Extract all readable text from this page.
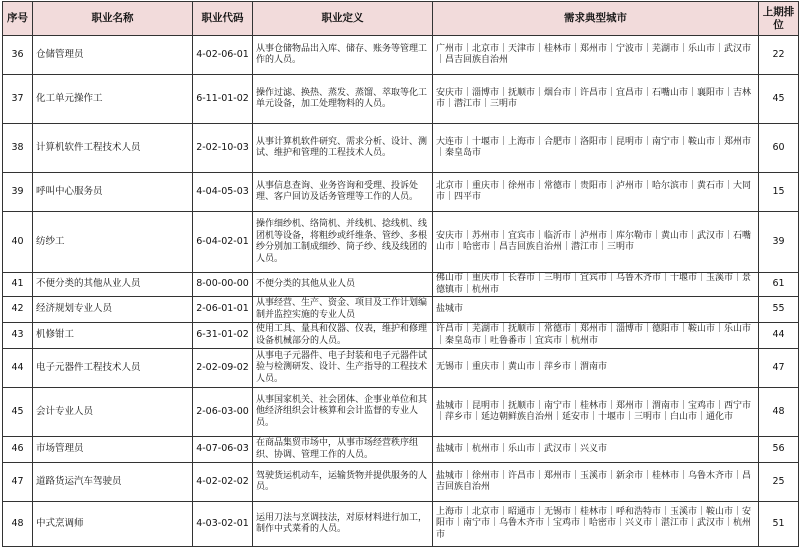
序号	职业名称	职业代码	职业定义	需求典型城市	上期排位
36	仓储管理员	4-02-06-01	从事仓储物品出入库、储存、账务等管理工作的人员。	广州市｜北京市｜天津市｜桂林市｜郑州市｜宁波市｜芜湖市｜乐山市｜武汉市｜昌吉回族自治州	22
37	化工单元操作工	6-11-01-02	操作过滤、换热、蒸发、蒸馏、萃取等化工单元设备，加工处理物料的人员。	安庆市｜淄博市｜抚顺市｜烟台市｜许昌市｜宜昌市｜石嘴山市｜襄阳市｜吉林市｜潜江市｜三明市	45
38	计算机软件工程技术人员	2-02-10-03	从事计算机软件研究、需求分析、设计、测试、维护和管理的工程技术人员。	大连市｜十堰市｜上海市｜合肥市｜洛阳市｜昆明市｜南宁市｜鞍山市｜郑州市｜秦皇岛市	60
39	呼叫中心服务员	4-04-05-03	从事信息查询、业务咨询和受理、投诉处理、客户回访及话务管理等工作的人员。	北京市｜重庆市｜徐州市｜常德市｜贵阳市｜泸州市｜哈尔滨市｜黄石市｜大同市｜四平市	15
40	纺纱工	6-04-02-01	操作细纱机、络筒机、并线机、捻线机、线团机等设备，将粗纱或纤维条、管纱、多根纱分别加工制成细纱、筒子纱、线及线团的人员。	安庆市｜苏州市｜宜宾市｜临沂市｜泸州市｜库尔勒市｜黄山市｜武汉市｜石嘴山市｜哈密市｜昌吉回族自治州｜潜江市｜三明市	39
41	不便分类的其他从业人员	8-00-00-00	不便分类的其他从业人员	佛山市｜重庆市｜长春市｜三明市｜宜宾市｜乌鲁木齐市｜十堰市｜玉溪市｜景德镇市｜杭州市	61
42	经济规划专业人员	2-06-01-01	从事经营、生产、资金、项目及工作计划编制并监控实施的专业人员	盐城市	55
43	机修钳工	6-31-01-02	使用工具、量具和仪器、仪表，维护和修理设备机械部分的人员。	许昌市｜芜湖市｜抚顺市｜常德市｜郑州市｜淄博市｜德阳市｜鞍山市｜乐山市｜秦皇岛市｜吐鲁番市｜宜宾市｜杭州市	44
44	电子元器件工程技术人员	2-02-09-02	从事电子元器件、电子封装和电子元器件试验与检测研发、设计、生产指导的工程技术人员。	无锡市｜重庆市｜黄山市｜萍乡市｜渭南市	47
45	会计专业人员	2-06-03-00	从事国家机关、社会团体、企事业单位和其他经济组织会计核算和会计监督的专业人员。	盐城市｜昆明市｜抚顺市｜南宁市｜桂林市｜郑州市｜渭南市｜宝鸡市｜西宁市｜萍乡市｜延边朝鲜族自治州｜延安市｜十堰市｜三明市｜白山市｜通化市	48
46	市场管理员	4-07-06-03	在商品集贸市场中，从事市场经营秩序组织、协调、管理工作的人员。	盐城市｜杭州市｜乐山市｜武汉市｜兴义市	56
47	道路货运汽车驾驶员	4-02-02-02	驾驶货运机动车，运输货物并提供服务的人员。	盐城市｜徐州市｜许昌市｜郑州市｜玉溪市｜新余市｜桂林市｜乌鲁木齐市｜昌吉回族自治州	25
48	中式烹调师	4-03-02-01	运用刀法与烹调技法，对原材料进行加工，制作中式菜肴的人员。	上海市｜北京市｜昭通市｜无锡市｜桂林市｜呼和浩特市｜玉溪市｜鞍山市｜安阳市｜南宁市｜乌鲁木齐市｜宝鸡市｜哈密市｜兴义市｜湛江市｜武汉市｜杭州市	51
